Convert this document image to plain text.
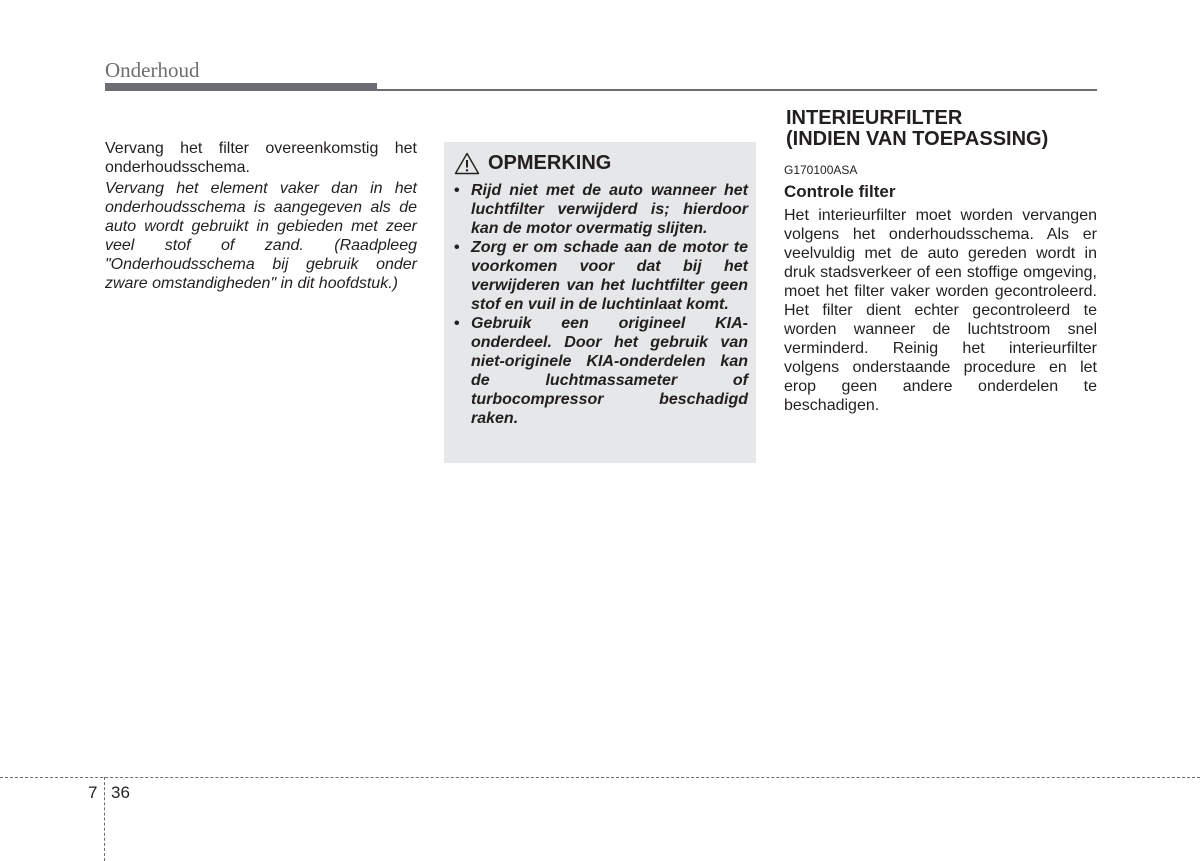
Onderhoud

Vervang het filter overeenkomstig het onderhoudsschema.

Vervang het element vaker dan in het onderhoudsschema is aangegeven als de auto wordt gebruikt in gebieden met zeer veel stof of zand. (Raadpleeg "Onderhoudsschema bij gebruik onder zware omstandigheden" in dit hoofdstuk.)

OPMERKING
• Rijd niet met de auto wanneer het luchtfilter verwijderd is; hierdoor kan de motor overmatig slijten.
• Zorg er om schade aan de motor te voorkomen voor dat bij het verwijderen van het luchtfilter geen stof en vuil in de luchtinlaat komt.
• Gebruik een origineel KIA-onderdeel. Door het gebruik van niet-originele KIA-onderdelen kan de luchtmassameter of turbocompressor beschadigd raken.
INTERIEURFILTER
(INDIEN VAN TOEPASSING)
G170100ASA
Controle filter

Het interieurfilter moet worden vervangen volgens het onderhoudsschema. Als er veelvuldig met de auto gereden wordt in druk stadsverkeer of een stoffige omgeving, moet het filter vaker worden gecontroleerd. Het filter dient echter gecontroleerd te worden wanneer de luchtstroom snel verminderd. Reinig het interieurfilter volgens onderstaande procedure en let erop geen andere onderdelen te beschadigen.

7 36
